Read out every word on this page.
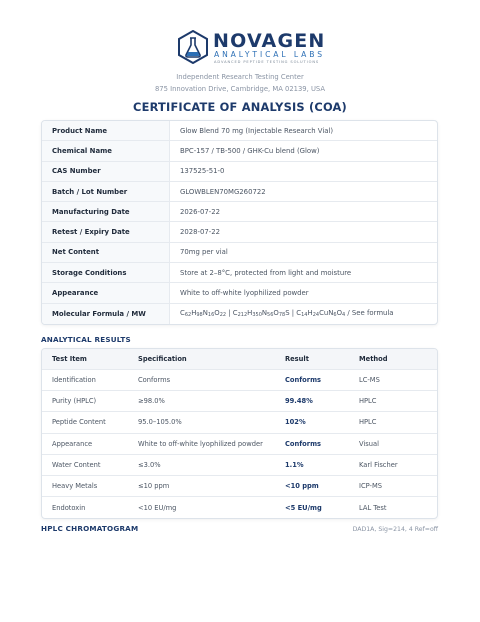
NOVAGEN
ANALYTICAL LABS
ADVANCED PEPTIDE TESTING SOLUTIONS
Independent Research Testing Center
875 Innovation Drive, Cambridge, MA 02139, USA
CERTIFICATE OF ANALYSIS (COA)
Product Name	Glow Blend 70 mg (Injectable Research Vial)
Chemical Name	BPC-157 / TB-500 / GHK-Cu blend (Glow)
CAS Number	137525-51-0
Batch / Lot Number	GLOWBLEN70MG260722
Manufacturing Date	2026-07-22
Retest / Expiry Date	2028-07-22
Net Content	70mg per vial
Storage Conditions	Store at 2–8°C, protected from light and moisture
Appearance	White to off-white lyophilized powder
Molecular Formula / MW	$C_{62}H_{98}N_{16}O_{22}$ | $C_{212}H_{350}N_{56}O_{78}S$ | $C_{14}H_{24}CuN_6O_4$ / See formula
ANALYTICAL RESULTS
Test Item	Specification	Result	Method
Identification	Conforms	Conforms	LC-MS
Purity (HPLC)	≥98.0%	99.48%	HPLC
Peptide Content	95.0–105.0%	102%	HPLC
Appearance	White to off-white lyophilized powder	Conforms	Visual
Water Content	≤3.0%	1.1%	Karl Fischer
Heavy Metals	≤10 ppm	<10 ppm	ICP-MS
Endotoxin	<10 EU/mg	<5 EU/mg	LAL Test
HPLC CHROMATOGRAM	DAD1A, Sig=214, 4 Ref=off
